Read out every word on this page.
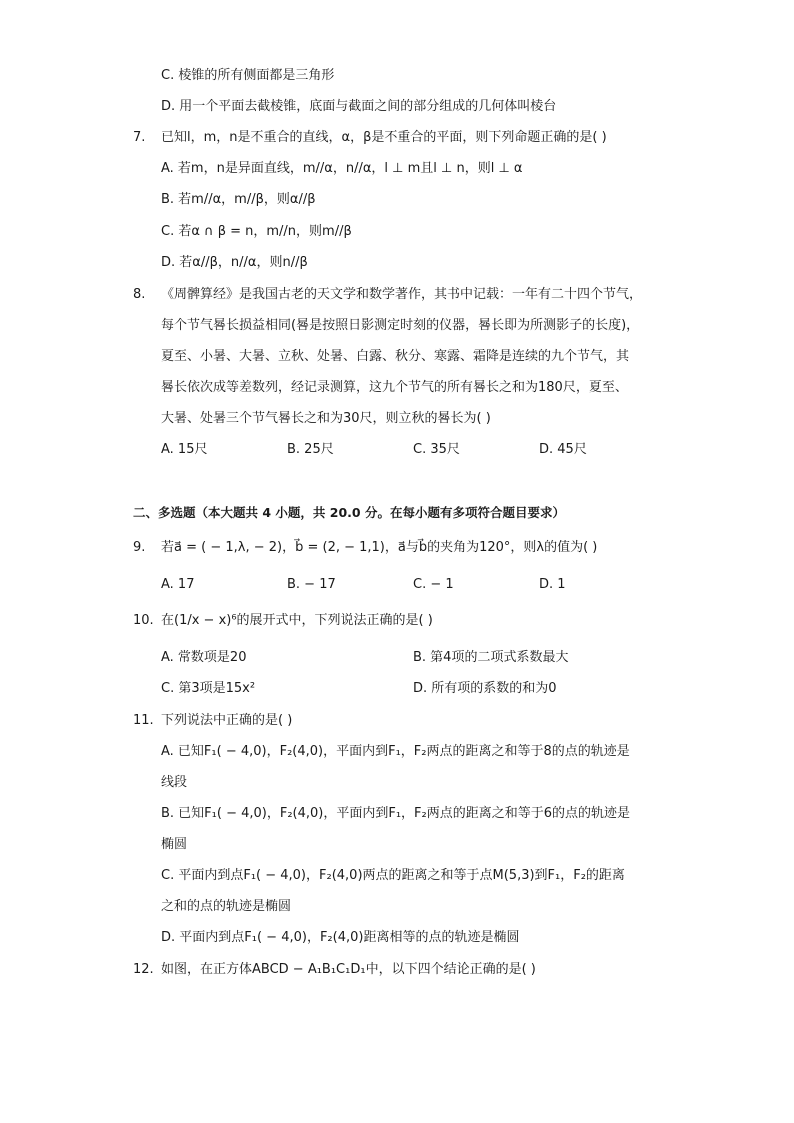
C. 棱锥的所有侧面都是三角形
D. 用一个平面去截棱锥，底面与截面之间的部分组成的几何体叫棱台
7. 已知l，m，n是不重合的直线，α，β是不重合的平面，则下列命题正确的是( )
A. 若m，n是异面直线，m//α，n//α，l ⊥ m且l ⊥ n，则l ⊥ α
B. 若m//α，m//β，则α//β
C. 若α ∩ β = n，m//n，则m//β
D. 若α//β，n//α，则n//β
8. 《周髀算经》是我国古老的天文学和数学著作，其书中记载：一年有二十四个节气，
每个节气晷长损益相同(晷是按照日影测定时刻的仪器，晷长即为所测影子的长度)，
夏至、小暑、大暑、立秋、处暑、白露、秋分、寒露、霜降是连续的九个节气，其
晷长依次成等差数列，经记录测算，这九个节气的所有晷长之和为180尺，夏至、
大暑、处暑三个节气晷长之和为30尺，则立秋的晷长为( )
A. 15尺	B. 25尺	C. 35尺	D. 45尺
二、多选题（本大题共 4 小题，共 20.0 分。在每小题有多项符合题目要求）
9. 若a⃗ = ( − 1,λ, − 2)，b⃗ = (2, − 1,1)，a⃗与b⃗的夹角为120°，则λ的值为( )
A. 17	B. − 17	C. − 1	D. 1
10. 在(1/x − x)⁶的展开式中，下列说法正确的是( )
A. 常数项是20	B. 第4项的二项式系数最大
C. 第3项是15x²	D. 所有项的系数的和为0
11. 下列说法中正确的是( )
A. 已知F₁( − 4,0)，F₂(4,0)，平面内到F₁，F₂两点的距离之和等于8的点的轨迹是
线段
B. 已知F₁( − 4,0)，F₂(4,0)，平面内到F₁，F₂两点的距离之和等于6的点的轨迹是
椭圆
C. 平面内到点F₁( − 4,0)，F₂(4,0)两点的距离之和等于点M(5,3)到F₁，F₂的距离
之和的点的轨迹是椭圆
D. 平面内到点F₁( − 4,0)，F₂(4,0)距离相等的点的轨迹是椭圆
12. 如图，在正方体ABCD − A₁B₁C₁D₁中，以下四个结论正确的是( )
